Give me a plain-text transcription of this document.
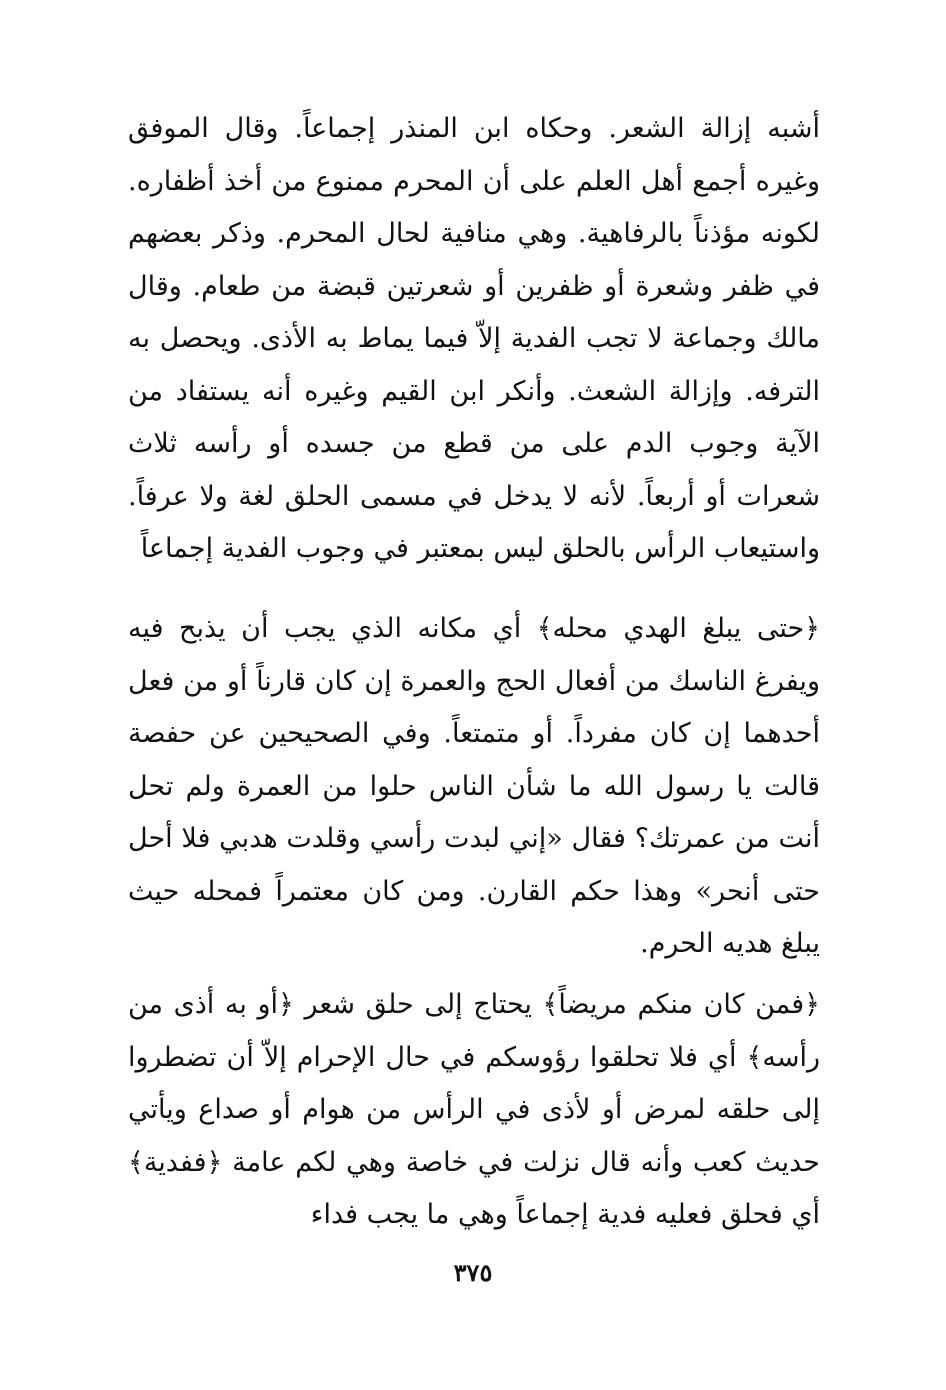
أشبه إزالة الشعر. وحكاه ابن المنذر إجماعاً. وقال الموفق وغيره أجمع أهل العلم على أن المحرم ممنوع من أخذ أظفاره. لكونه مؤذناً بالرفاهية. وهي منافية لحال المحرم. وذكر بعضهم في ظفر وشعرة أو ظفرين أو شعرتين قبضة من طعام. وقال مالك وجماعة لا تجب الفدية إلاّ فيما يماط به الأذى. ويحصل به الترفه. وإزالة الشعث. وأنكر ابن القيم وغيره أنه يستفاد من الآية وجوب الدم على من قطع من جسده أو رأسه ثلاث شعرات أو أربعاً. لأنه لا يدخل في مسمى الحلق لغة ولا عرفاً. واستيعاب الرأس بالحلق ليس بمعتبر في وجوب الفدية إجماعاً

﴿حتى يبلغ الهدي محله﴾ أي مكانه الذي يجب أن يذبح فيه ويفرغ الناسك من أفعال الحج والعمرة إن كان قارناً أو من فعل أحدهما إن كان مفرداً. أو متمتعاً. وفي الصحيحين عن حفصة قالت يا رسول الله ما شأن الناس حلوا من العمرة ولم تحل أنت من عمرتك؟ فقال «إني لبدت رأسي وقلدت هدبي فلا أحل حتى أنحر» وهذا حكم القارن. ومن كان معتمراً فمحله حيث يبلغ هديه الحرم.

﴿فمن كان منكم مريضاً﴾ يحتاج إلى حلق شعر ﴿أو به أذى من رأسه﴾ أي فلا تحلقوا رؤوسكم في حال الإحرام إلاّ أن تضطروا إلى حلقه لمرض أو لأذى في الرأس من هوام أو صداع ويأتي حديث كعب وأنه قال نزلت في خاصة وهي لكم عامة ﴿ففدية﴾ أي فحلق فعليه فدية إجماعاً وهي ما يجب فداء

٣٧٥
